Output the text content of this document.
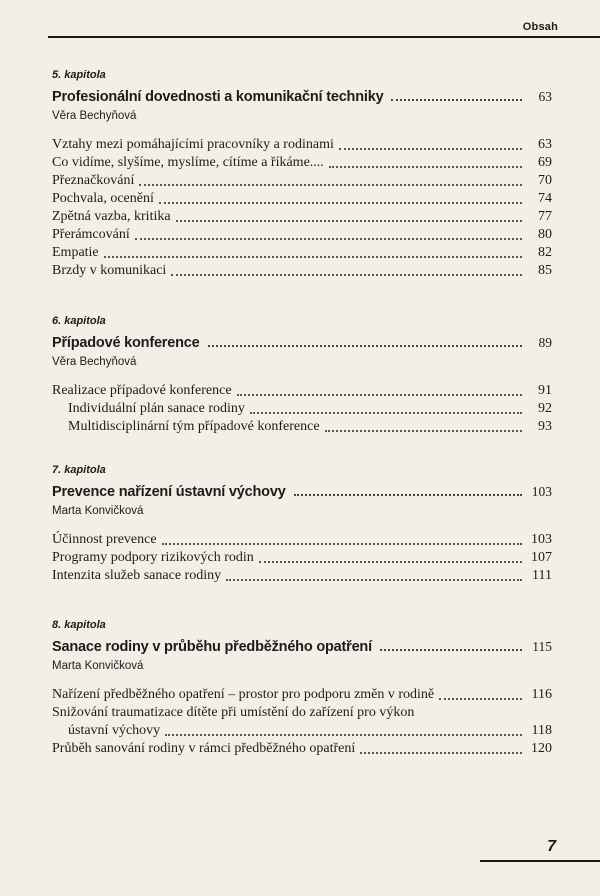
Obsah
5. kapitola
Profesionální dovednosti a komunikační techniky	63
Věra Bechyňová
Vztahy mezi pomáhajícími pracovníky a rodinami	63
Co vidíme, slyšíme, myslíme, cítíme a říkáme....	69
Přeznačkování	70
Pochvala, ocenění	74
Zpětná vazba, kritika	77
Přerámcování	80
Empatie	82
Brzdy v komunikaci	85
6. kapitola
Případové konference	89
Věra Bechyňová
Realizace případové konference	91
Individuální plán sanace rodiny	92
Multidisciplinární tým případové konference	93
7. kapitola
Prevence nařízení ústavní výchovy	103
Marta Konvičková
Účinnost prevence	103
Programy podpory rizikových rodin	107
Intenzita služeb sanace rodiny	111
8. kapitola
Sanace rodiny v průběhu předběžného opatření	115
Marta Konvičková
Nařízení předběžného opatření – prostor pro podporu změn v rodině	116
Snižování traumatizace dítěte při umístění do zařízení pro výkon
ústavní výchovy	118
Průběh sanování rodiny v rámci předběžného opatření	120
7
